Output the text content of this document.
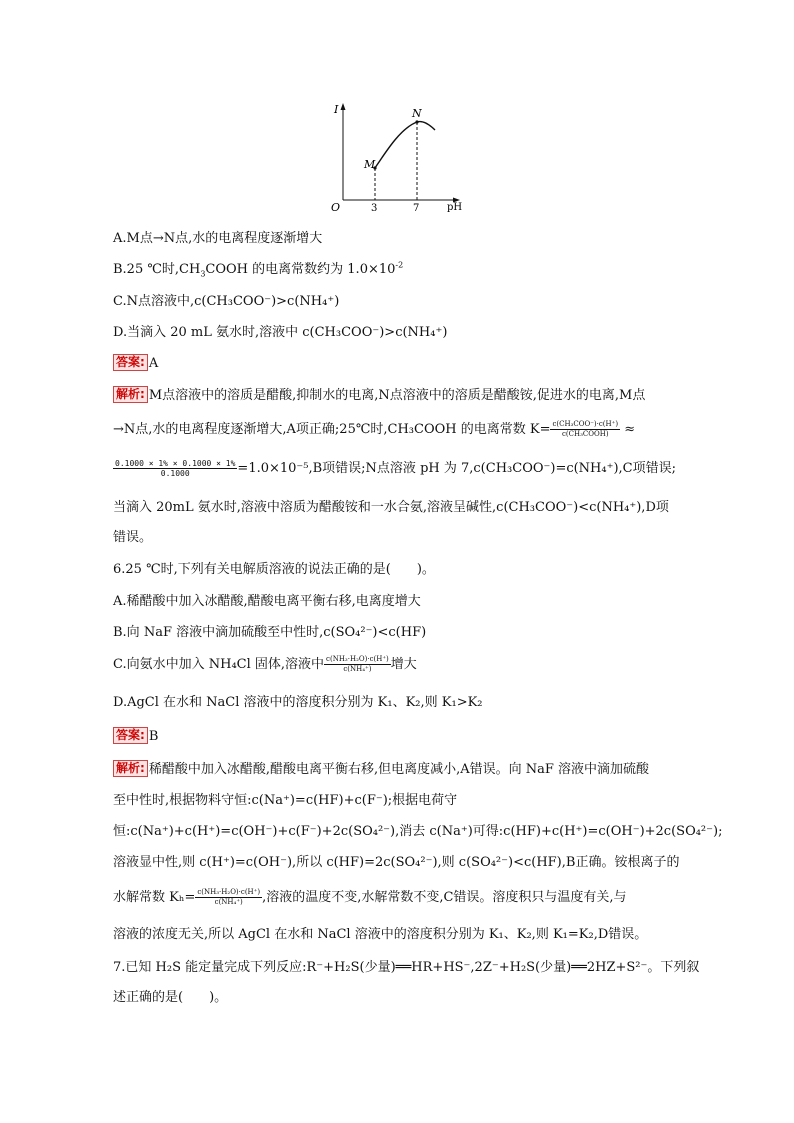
I
O	3	7	pH
M
N
A.M点→N点,水的电离程度逐渐增大
B.25 ℃时$,CH_3COOH$ 的电离常数约为 $1.0\times 10^{-2}$
C.N点溶液中,c(CH₃COO⁻)>c(NH₄⁺)
D.当滴入 20 mL 氨水时,溶液中 c(CH₃COO⁻)>c(NH₄⁺)
答案: A
解析: M点溶液中的溶质是醋酸,抑制水的电离,N点溶液中的溶质是醋酸铵,促进水的电离,M点
→N点,水的电离程度逐渐增大,A项正确;25℃时,CH₃COOH 的电离常数 $K= \frac{\text{c(CH₃COO⁻)·c(H⁺)}}{\text{c(CH₃COOH)}}$ ≈
$\frac{0.1000 \times 1\% \times 0.1000 \times 1\%}{0.1000} =1.0\times 10^{-5},B$项错误;N点溶液 pH 为 7,c(CH₃COO⁻)=c(NH₄⁺),C项错误;
当滴入 20mL 氨水时,溶液中溶质为醋酸铵和一水合氨,溶液呈碱性,c(CH₃COO⁻)<c(NH₄⁺),D项
错误。
6.25 ℃时,下列有关电解质溶液的说法正确的是(　　)。
A.稀醋酸中加入冰醋酸,醋酸电离平衡右移,电离度增大
B.向 NaF 溶液中滴加硫酸至中性时,c(SO₄²⁻)<c(HF)
C.向氨水中加入 NH₄Cl 固体,溶液中 $\frac{\text{c(NH₃·H₂O)·c(H⁺)}}{\text{c(NH₄⁺)}}$ 增大
D.AgCl 在水和 NaCl 溶液中的溶度积分别为 K₁、K₂,则 K₁>K₂
答案: B
解析: 稀醋酸中加入冰醋酸,醋酸电离平衡右移,但电离度减小,A错误。向 NaF 溶液中滴加硫酸
至中性时,根据物料守恒:c(Na⁺)=c(HF)+c(F⁻);根据电荷守
恒:c(Na⁺)+c(H⁺)=c(OH⁻)+c(F⁻)+2c(SO₄²⁻),消去 c(Na⁺)可得:c(HF)+c(H⁺)=c(OH⁻)+2c(SO₄²⁻);
溶液显中性,则 c(H⁺)=c(OH⁻),所以 c(HF)=2c(SO₄²⁻),则 c(SO₄²⁻)<c(HF),B正确。铵根离子的
水解常数 $K_h= \frac{\text{c(NH₃·H₂O)·c(H⁺)}}{\text{c(NH₄⁺)}}$ ,溶液的温度不变,水解常数不变,C错误。溶度积只与温度有关,与
溶液的浓度无关,所以 AgCl 在水和 NaCl 溶液中的溶度积分别为 K₁、K₂,则 K₁=K₂,D错误。
7.已知 H₂S 能定量完成下列反应:R⁻+H₂S(少量)══HR+HS⁻,2Z⁻+H₂S(少量)══2HZ+S²⁻。下列叙
述正确的是(　　)。
